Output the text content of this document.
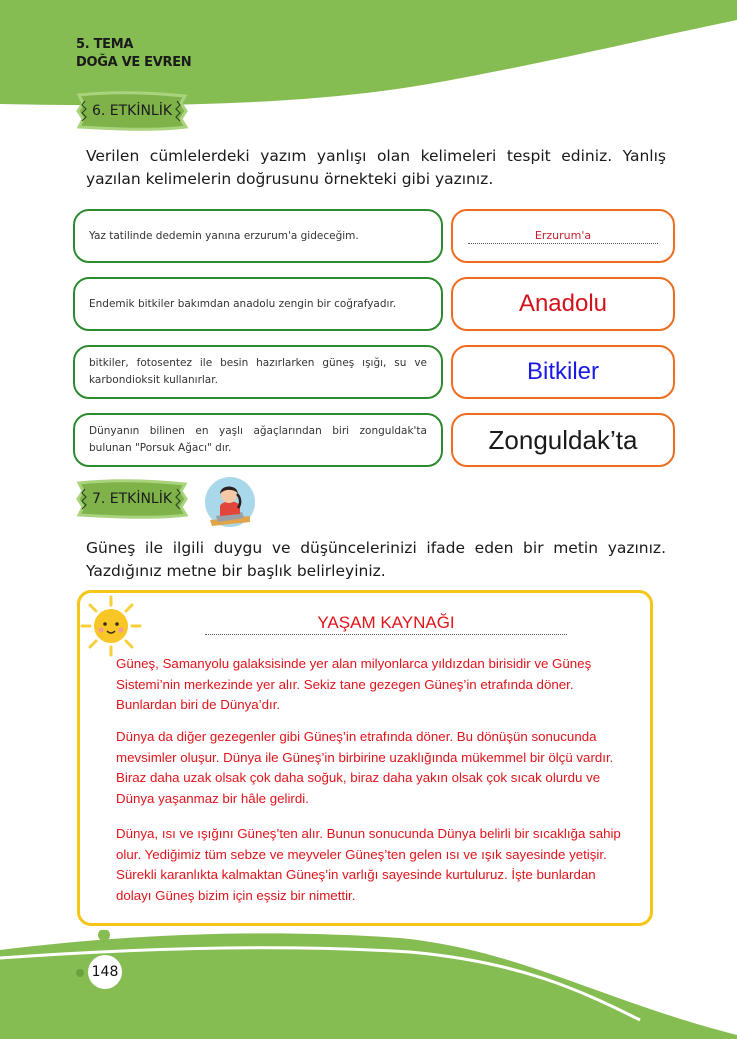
5. TEMA
DOĞA VE EVREN
6. ETKİNLİK
Verilen cümlelerdeki yazım yanlışı olan kelimeleri tespit ediniz. Yanlış yazılan kelimelerin doğrusunu örnekteki gibi yazınız.
Yaz tatilinde dedemin yanına erzurum'a gideceğim.	Erzurum'a
Endemik bitkiler bakımdan anadolu zengin bir coğrafyadır.	Anadolu
bitkiler, fotosentez ile besin hazırlarken güneş ışığı, su ve karbondioksit kullanırlar.	Bitkiler
Dünyanın bilinen en yaşlı ağaçlarından biri zonguldak'ta bulunan "Porsuk Ağacı" dır.	Zonguldak’ta
7. ETKİNLİK
Güneş ile ilgili duygu ve düşüncelerinizi ifade eden bir metin yazınız. Yazdığınız metne bir başlık belirleyiniz.
YAŞAM KAYNAĞI
Güneş, Samanyolu galaksisinde yer alan milyonlarca yıldızdan birisidir ve Güneş Sistemi’nin merkezinde yer alır. Sekiz tane gezegen Güneş’in etrafında döner. Bunlardan biri de Dünya’dır.
Dünya da diğer gezegenler gibi Güneş’in etrafında döner. Bu dönüşün sonucunda mevsimler oluşur. Dünya ile Güneş’in birbirine uzaklığında mükemmel bir ölçü vardır. Biraz daha uzak olsak çok daha soğuk, biraz daha yakın olsak çok sıcak olurdu ve Dünya yaşanmaz bir hâle gelirdi.
Dünya, ısı ve ışığını Güneş’ten alır. Bunun sonucunda Dünya belirli bir sıcaklığa sahip olur. Yediğimiz tüm sebze ve meyveler Güneş’ten gelen ısı ve ışık sayesinde yetişir. Sürekli karanlıkta kalmaktan Güneş’in varlığı sayesinde kurtuluruz. İşte bunlardan dolayı Güneş bizim için eşsiz bir nimettir.
148
